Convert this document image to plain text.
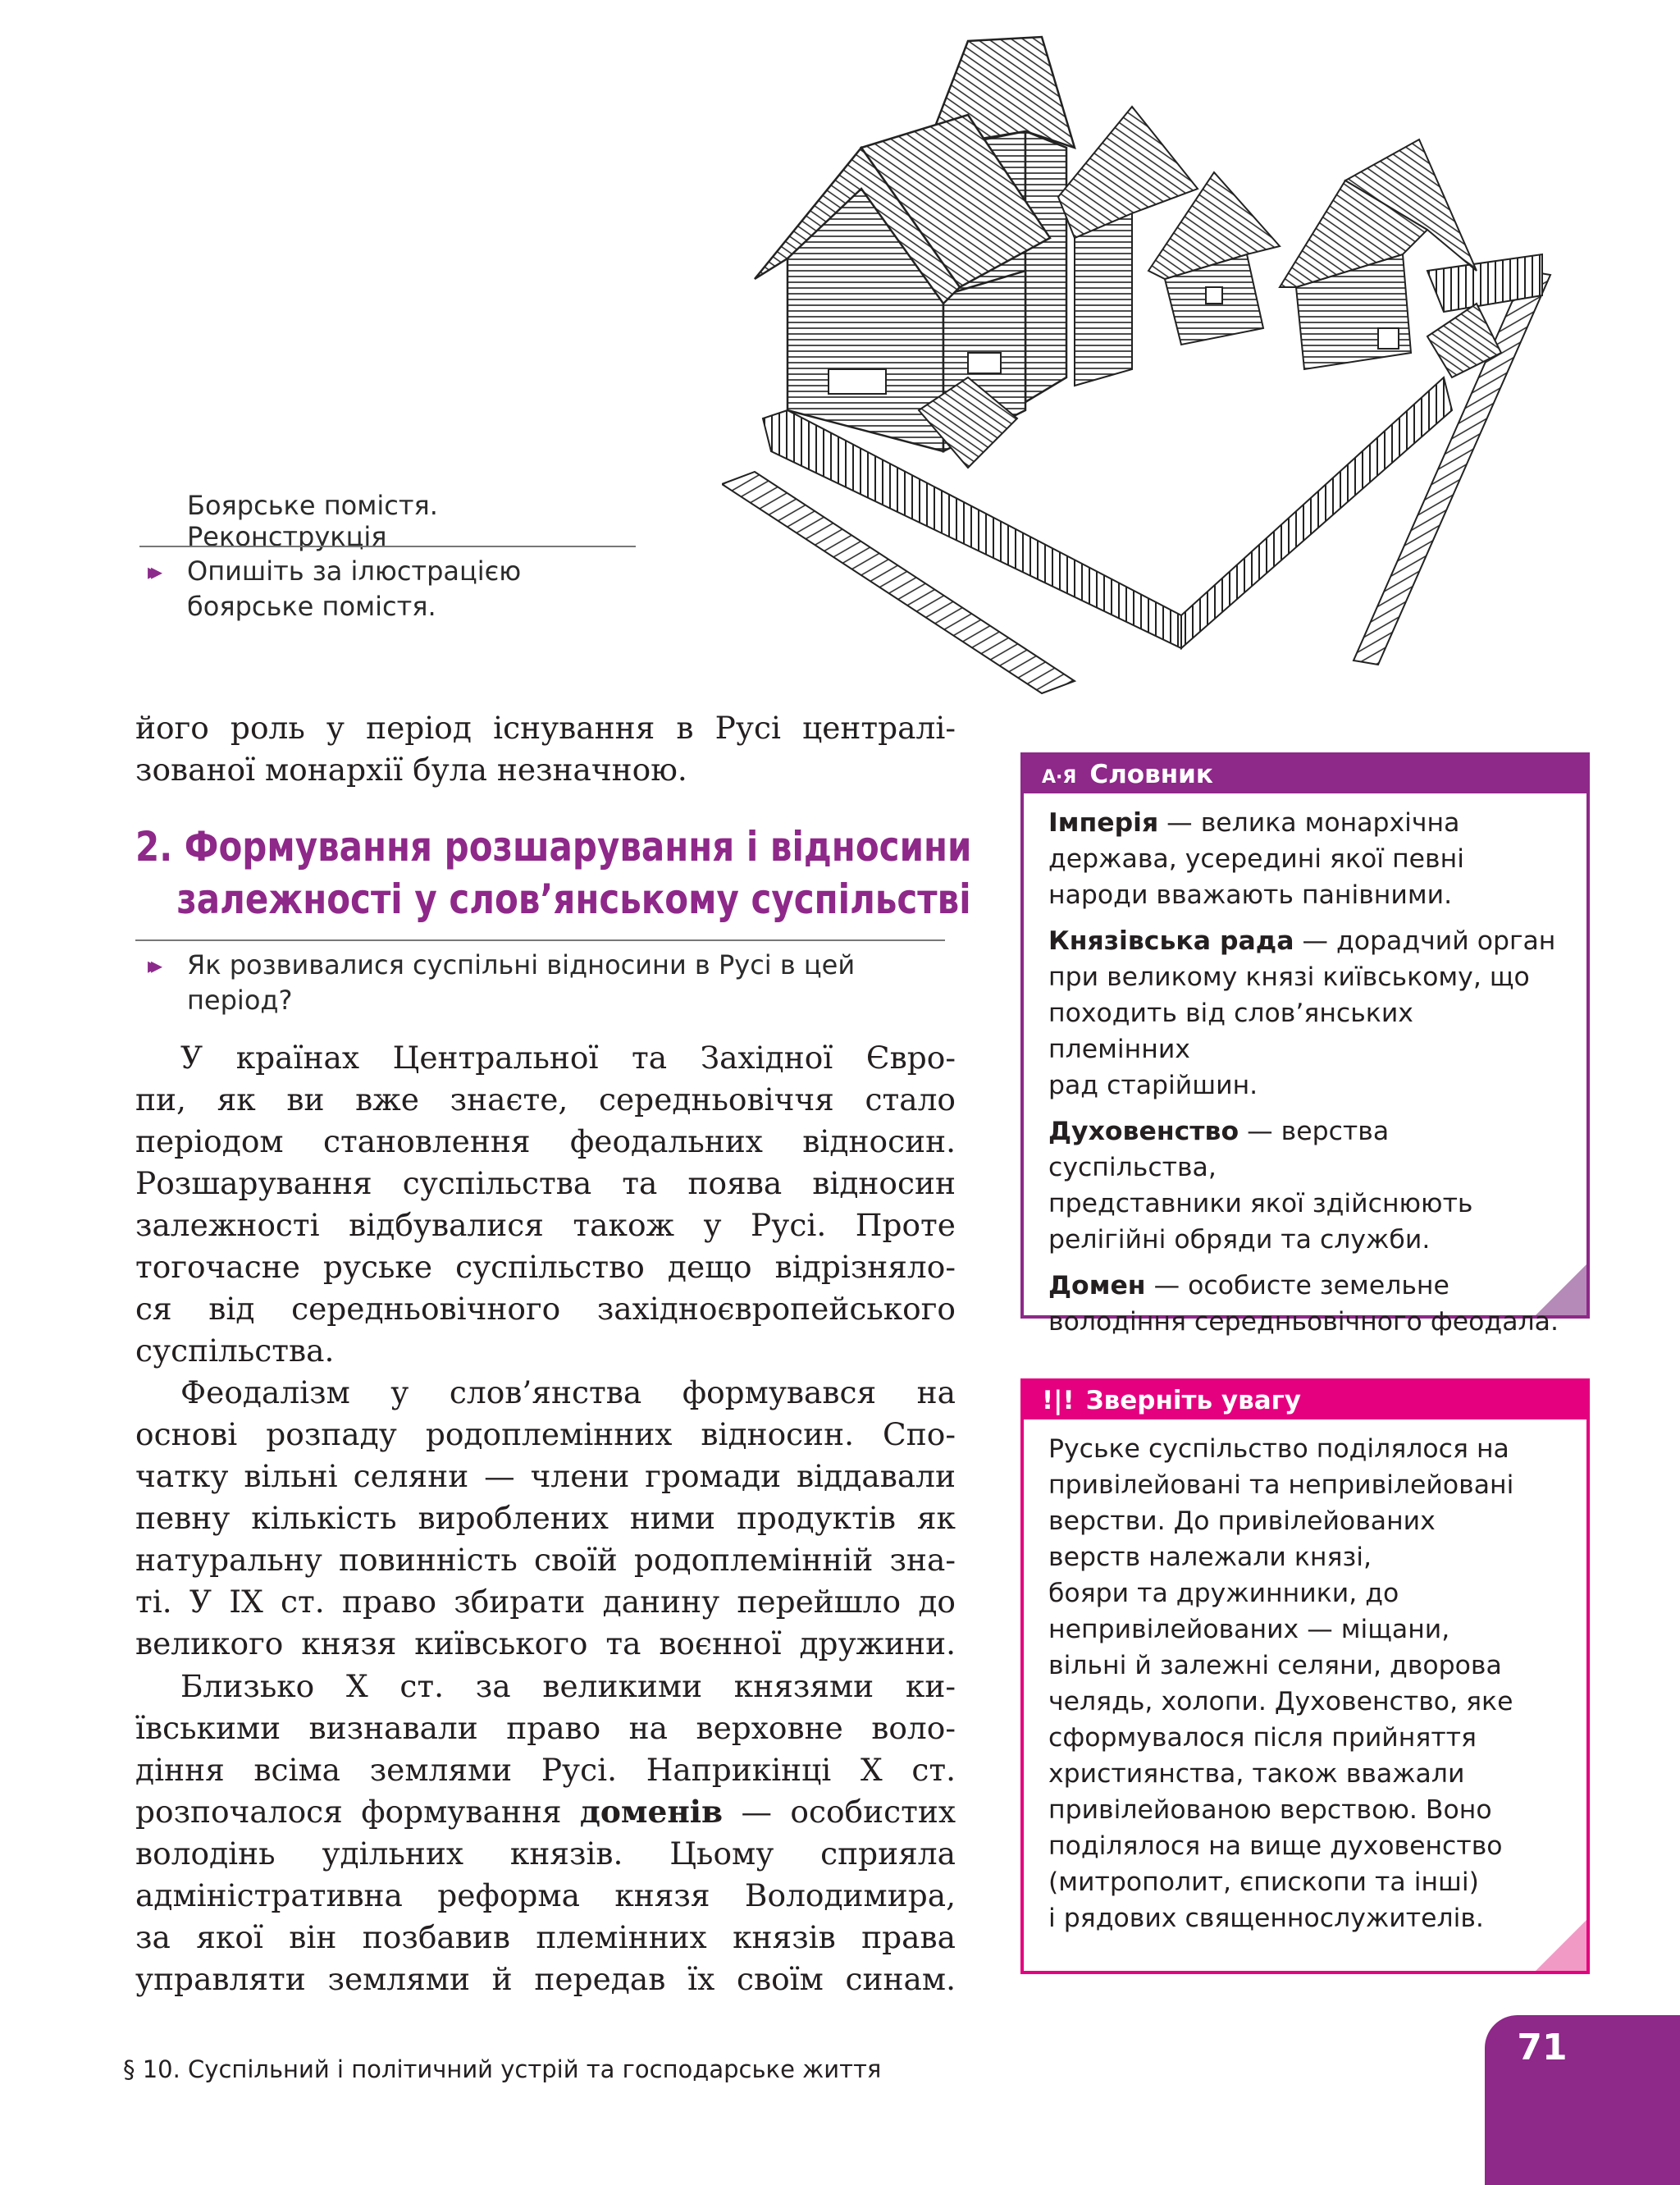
Боярське помістя. Реконструкція
▸▸	Опишіть за ілюстрацією боярське помістя.
його роль у період існування в Русі централі-
зованої монархії була незначною.
2. Формування розшарування і відносини
залежності у слов’янському суспільстві
▸▸	Як розвивалися суспільні відносини в Русі в цей
період?
У країнах Центральної та Західної Євро-
пи, як ви вже знаєте, середньовіччя стало
періодом становлення феодальних відносин.
Розшарування суспільства та поява відносин
залежності відбувалися також у Русі. Проте
тогочасне руське суспільство дещо відрізняло-
ся від середньовічного західноєвропейського
суспільства.
Феодалізм у слов’янства формувався на
основі розпаду родоплемінних відносин. Спо-
чатку вільні селяни — члени громади віддавали
певну кількість вироблених ними продуктів як
натуральну повинність своїй родоплемінній зна-
ті. У IX ст. право збирати данину перейшло до
великого князя київського та воєнної дружини.
Близько X ст. за великими князями ки-
ївськими визнавали право на верховне воло-
діння всіма землями Русі. Наприкінці X ст.
розпочалося формування доменів — особистих
володінь удільних князів. Цьому сприяла
адміністративна реформа князя Володимира,
за якої він позбавив племінних князів права
управляти землями й передав їх своїм синам.
А·Я Словник
Імперія — велика монархічна
держава, усередині якої певні
народи вважають панівними.
Князівська рада — дорадчий орган
при великому князі київському, що
походить від слов’янських племінних
рад старійшин.
Духовенство — верства суспільства,
представники якої здійснюють
релігійні обряди та служби.
Домен — особисте земельне
володіння середньовічного феодала.
!|! Зверніть увагу
Руське суспільство поділялося на
привілейовані та непривілейовані
верстви. До привілейованих
верств належали князі,
бояри та дружинники, до
непривілейованих — міщани,
вільні й залежні селяни, дворова
челядь, холопи. Духовенство, яке
сформувалося після прийняття
християнства, також вважали
привілейованою верствою. Воно
поділялося на вище духовенство
(митрополит, єпископи та інші)
і рядових священнослужителів.
§ 10. Суспільний і політичний устрій та господарське життя
71
